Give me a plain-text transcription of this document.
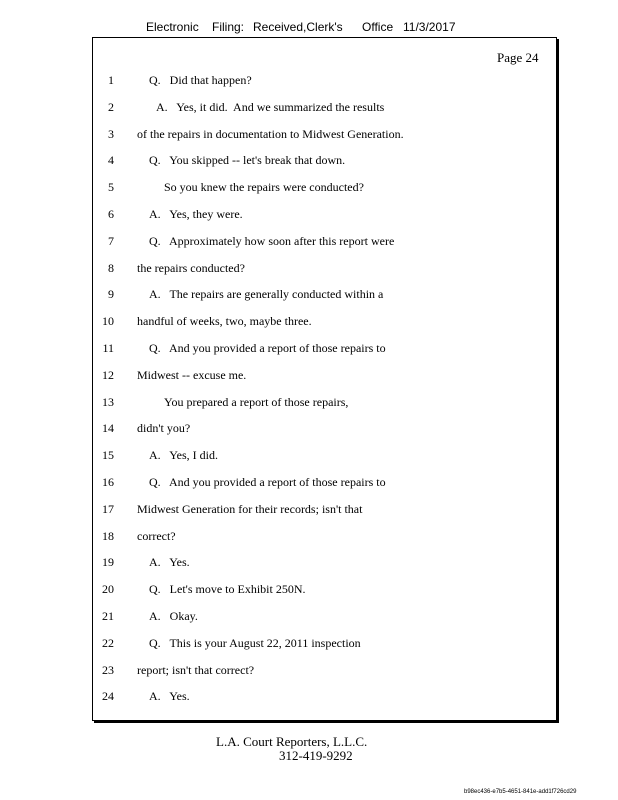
Electronic Filing: Received,Clerk's Office 11/3/2017
Page 24
1	Q.   Did that happen?
2	A.   Yes, it did.  And we summarized the results
3 of the repairs in documentation to Midwest Generation.
4	Q.   You skipped -- let's break that down.
5	So you knew the repairs were conducted?
6	A.   Yes, they were.
7	Q.   Approximately how soon after this report were
8 the repairs conducted?
9	A.   The repairs are generally conducted within a
10 handful of weeks, two, maybe three.
11	Q.   And you provided a report of those repairs to
12 Midwest -- excuse me.
13	You prepared a report of those repairs,
14 didn't you?
15	A.   Yes, I did.
16	Q.   And you provided a report of those repairs to
17 Midwest Generation for their records; isn't that
18 correct?
19	A.   Yes.
20	Q.   Let's move to Exhibit 250N.
21	A.   Okay.
22	Q.   This is your August 22, 2011 inspection
23 report; isn't that correct?
24	A.   Yes.
L.A. Court Reporters, L.L.C.
312-419-9292
b98ec436-e7b5-4651-841e-add1f726cd29
